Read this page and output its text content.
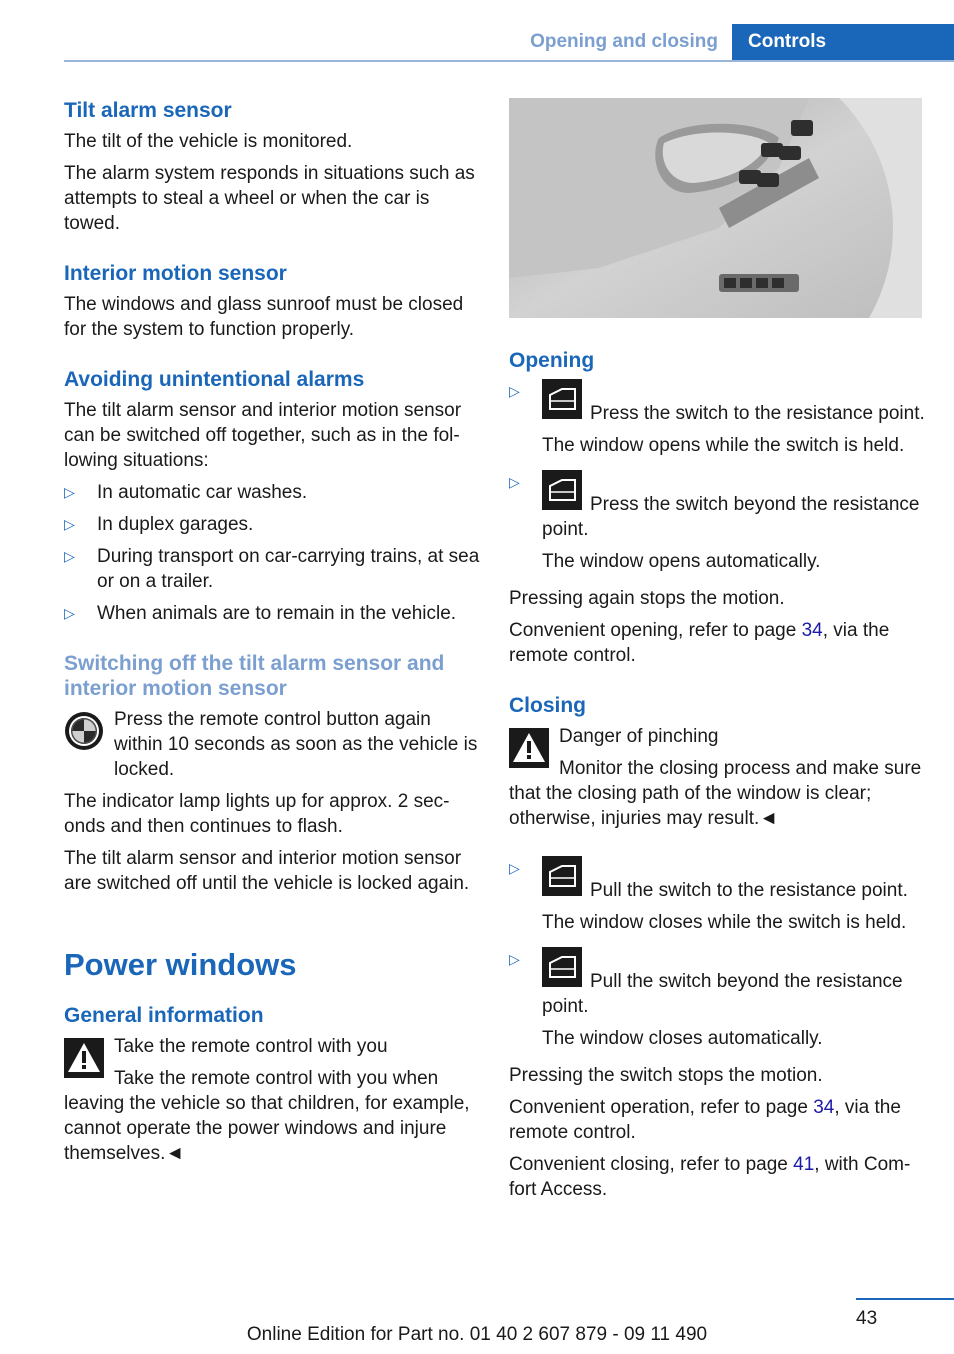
Opening and closing	Controls
Tilt alarm sensor

The tilt of the vehicle is monitored.

The alarm system responds in situations such as attempts to steal a wheel or when the car is towed.

Interior motion sensor

The windows and glass sunroof must be closed for the system to function properly.

Avoiding unintentional alarms

The tilt alarm sensor and interior motion sensor can be switched off together, such as in the following situations:

▷ In automatic car washes.
▷ In duplex garages.
▷ During transport on car-carrying trains, at sea or on a trailer.
▷ When animals are to remain in the vehicle.
Switching off the tilt alarm sensor and interior motion sensor

Press the remote control button again within 10 seconds as soon as the vehicle is locked.

The indicator lamp lights up for approx. 2 seconds and then continues to flash.

The tilt alarm sensor and interior motion sensor are switched off until the vehicle is locked again.

Power windows
General information

Take the remote control with you

Take the remote control with you when leaving the vehicle so that children, for example, cannot operate the power windows and injure themselves.◄

Opening
▷
Press the switch to the resistance point.
The window opens while the switch is held.
▷
Press the switch beyond the resistance point.
The window opens automatically.

Pressing again stops the motion.

Convenient opening, refer to page 34, via the remote control.

Closing

Danger of pinching

Monitor the closing process and make sure that the closing path of the window is clear; otherwise, injuries may result.◄

▷
Pull the switch to the resistance point.
The window closes while the switch is held.
▷
Pull the switch beyond the resistance point.
The window closes automatically.

Pressing the switch stops the motion.

Convenient operation, refer to page 34, via the remote control.

Convenient closing, refer to page 41, with Comfort Access.

43
Online Edition for Part no. 01 40 2 607 879 - 09 11 490
